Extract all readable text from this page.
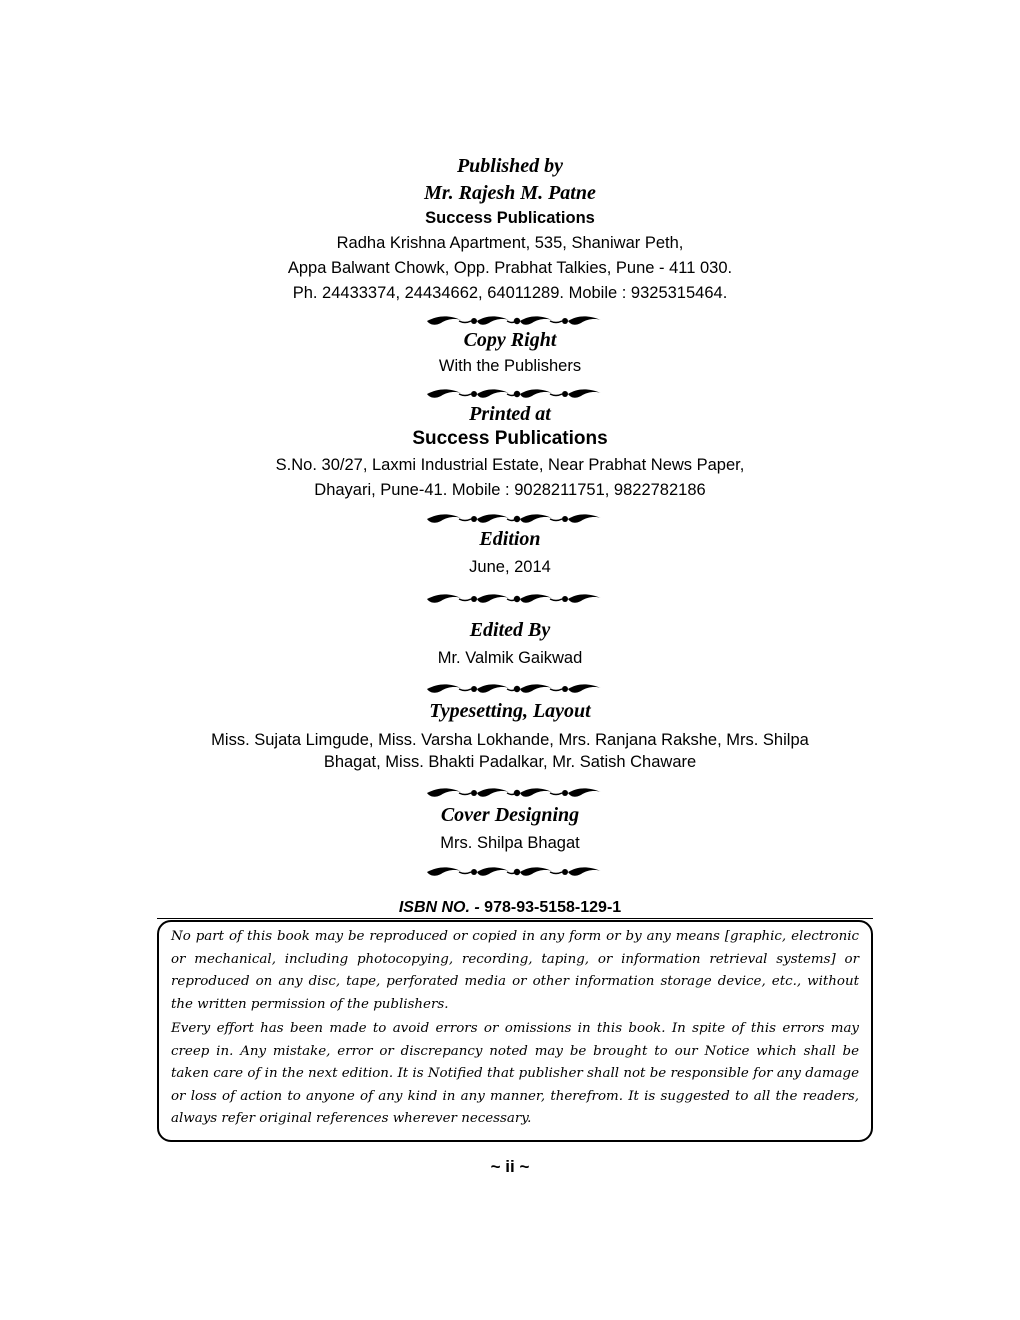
Published by
Mr. Rajesh M. Patne
Success Publications
Radha Krishna Apartment, 535, Shaniwar Peth,
Appa Balwant Chowk, Opp. Prabhat Talkies, Pune - 411 030.
Ph. 24433374, 24434662, 64011289. Mobile : 9325315464.
Copy Right
With the Publishers
Printed at
Success Publications
S.No. 30/27, Laxmi Industrial Estate, Near Prabhat News Paper,
Dhayari, Pune-41. Mobile : 9028211751, 9822782186
Edition
June, 2014
Edited By
Mr. Valmik Gaikwad
Typesetting, Layout
Miss. Sujata Limgude, Miss. Varsha Lokhande, Mrs. Ranjana Rakshe, Mrs. Shilpa
Bhagat, Miss. Bhakti Padalkar, Mr. Satish Chaware
Cover Designing
Mrs. Shilpa Bhagat
ISBN NO. - 978-93-5158-129-1

No part of this book may be reproduced or copied in any form or by any means [graphic, electronic or mechanical, including photocopying, recording, taping, or information retrieval systems] or reproduced on any disc, tape, perforated media or other information storage device, etc., without the written permission of the publishers.

Every effort has been made to avoid errors or omissions in this book. In spite of this errors may creep in. Any mistake, error or discrepancy noted may be brought to our Notice which shall be taken care of in the next edition. It is Notified that publisher shall not be responsible for any damage or loss of action to anyone of any kind in any manner, therefrom. It is suggested to all the readers, always refer original references wherever necessary.

~ ii ~
